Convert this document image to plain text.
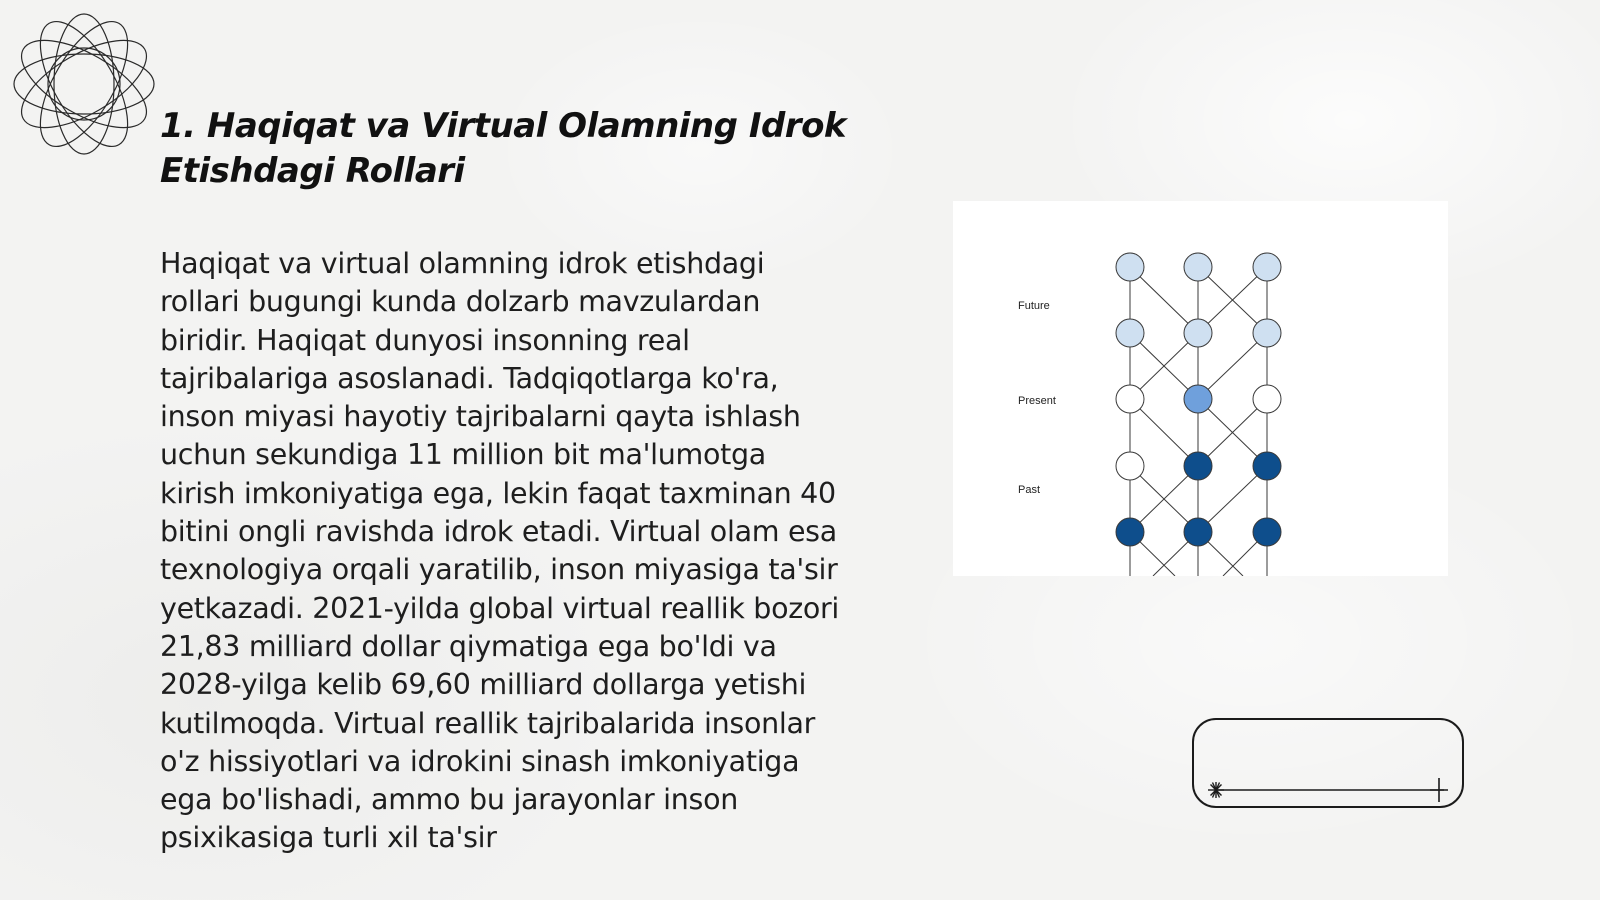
1. Haqiqat va Virtual Olamning Idrok Etishdagi Rollari

Haqiqat va virtual olamning idrok etishdagi rollari bugungi kunda dolzarb mavzulardan biridir. Haqiqat dunyosi insonning real tajribalariga asoslanadi. Tadqiqotlarga ko'ra, inson miyasi hayotiy tajribalarni qayta ishlash uchun sekundiga 11 million bit ma'lumotga kirish imkoniyatiga ega, lekin faqat taxminan 40 bitini ongli ravishda idrok etadi. Virtual olam esa texnologiya orqali yaratilib, inson miyasiga ta'sir yetkazadi. 2021-yilda global virtual reallik bozori 21,83 milliard dollar qiymatiga ega bo'ldi va 2028-yilga kelib 69,60 milliard dollarga yetishi kutilmoqda. Virtual reallik tajribalarida insonlar o'z hissiyotlari va idrokini sinash imkoniyatiga ega bo'lishadi, ammo bu jarayonlar inson psixikasiga turli xil ta'sir

Future
Present
Past
